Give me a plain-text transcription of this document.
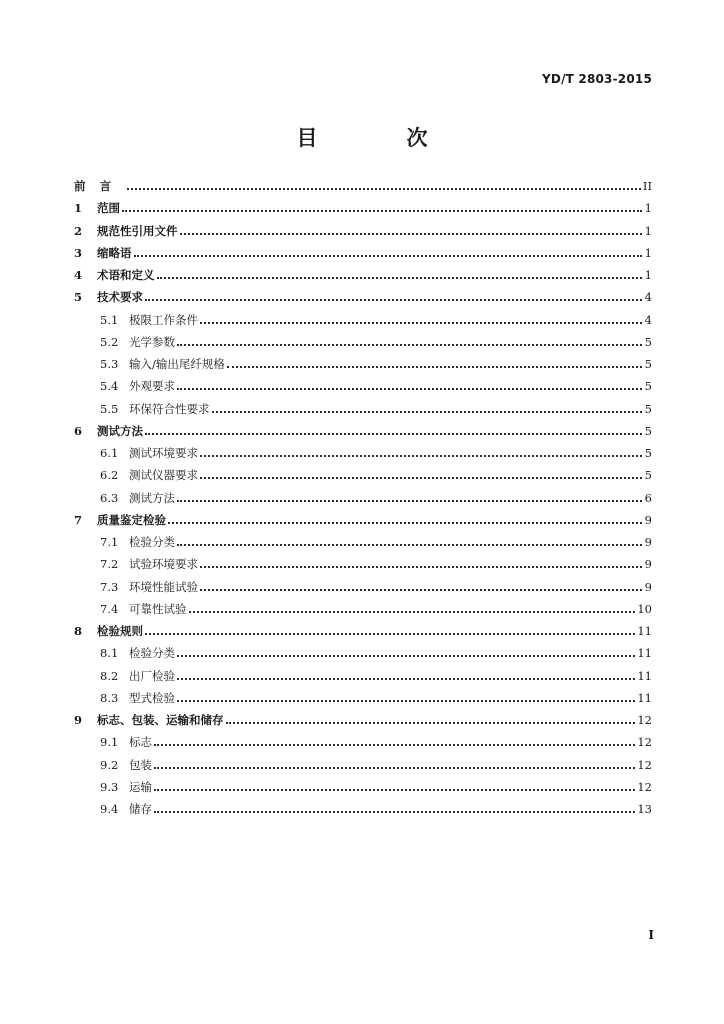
YD/T 2803-2015
目　次
前言	II
1	范围	1
2	规范性引用文件	1
3	缩略语	1
4	术语和定义	1
5	技术要求	4
5.1 极限工作条件	4
5.2 光学参数	5
5.3 输入/输出尾纤规格	5
5.4 外观要求	5
5.5 环保符合性要求	5
6	测试方法	5
6.1 测试环境要求	5
6.2 测试仪器要求	5
6.3 测试方法	6
7	质量鉴定检验	9
7.1 检验分类	9
7.2 试验环境要求	9
7.3 环境性能试验	9
7.4 可靠性试验	10
8	检验规则	11
8.1 检验分类	11
8.2 出厂检验	11
8.3 型式检验	11
9	标志、包装、运输和储存	12
9.1 标志	12
9.2 包装	12
9.3 运输	12
9.4 储存	13
I
